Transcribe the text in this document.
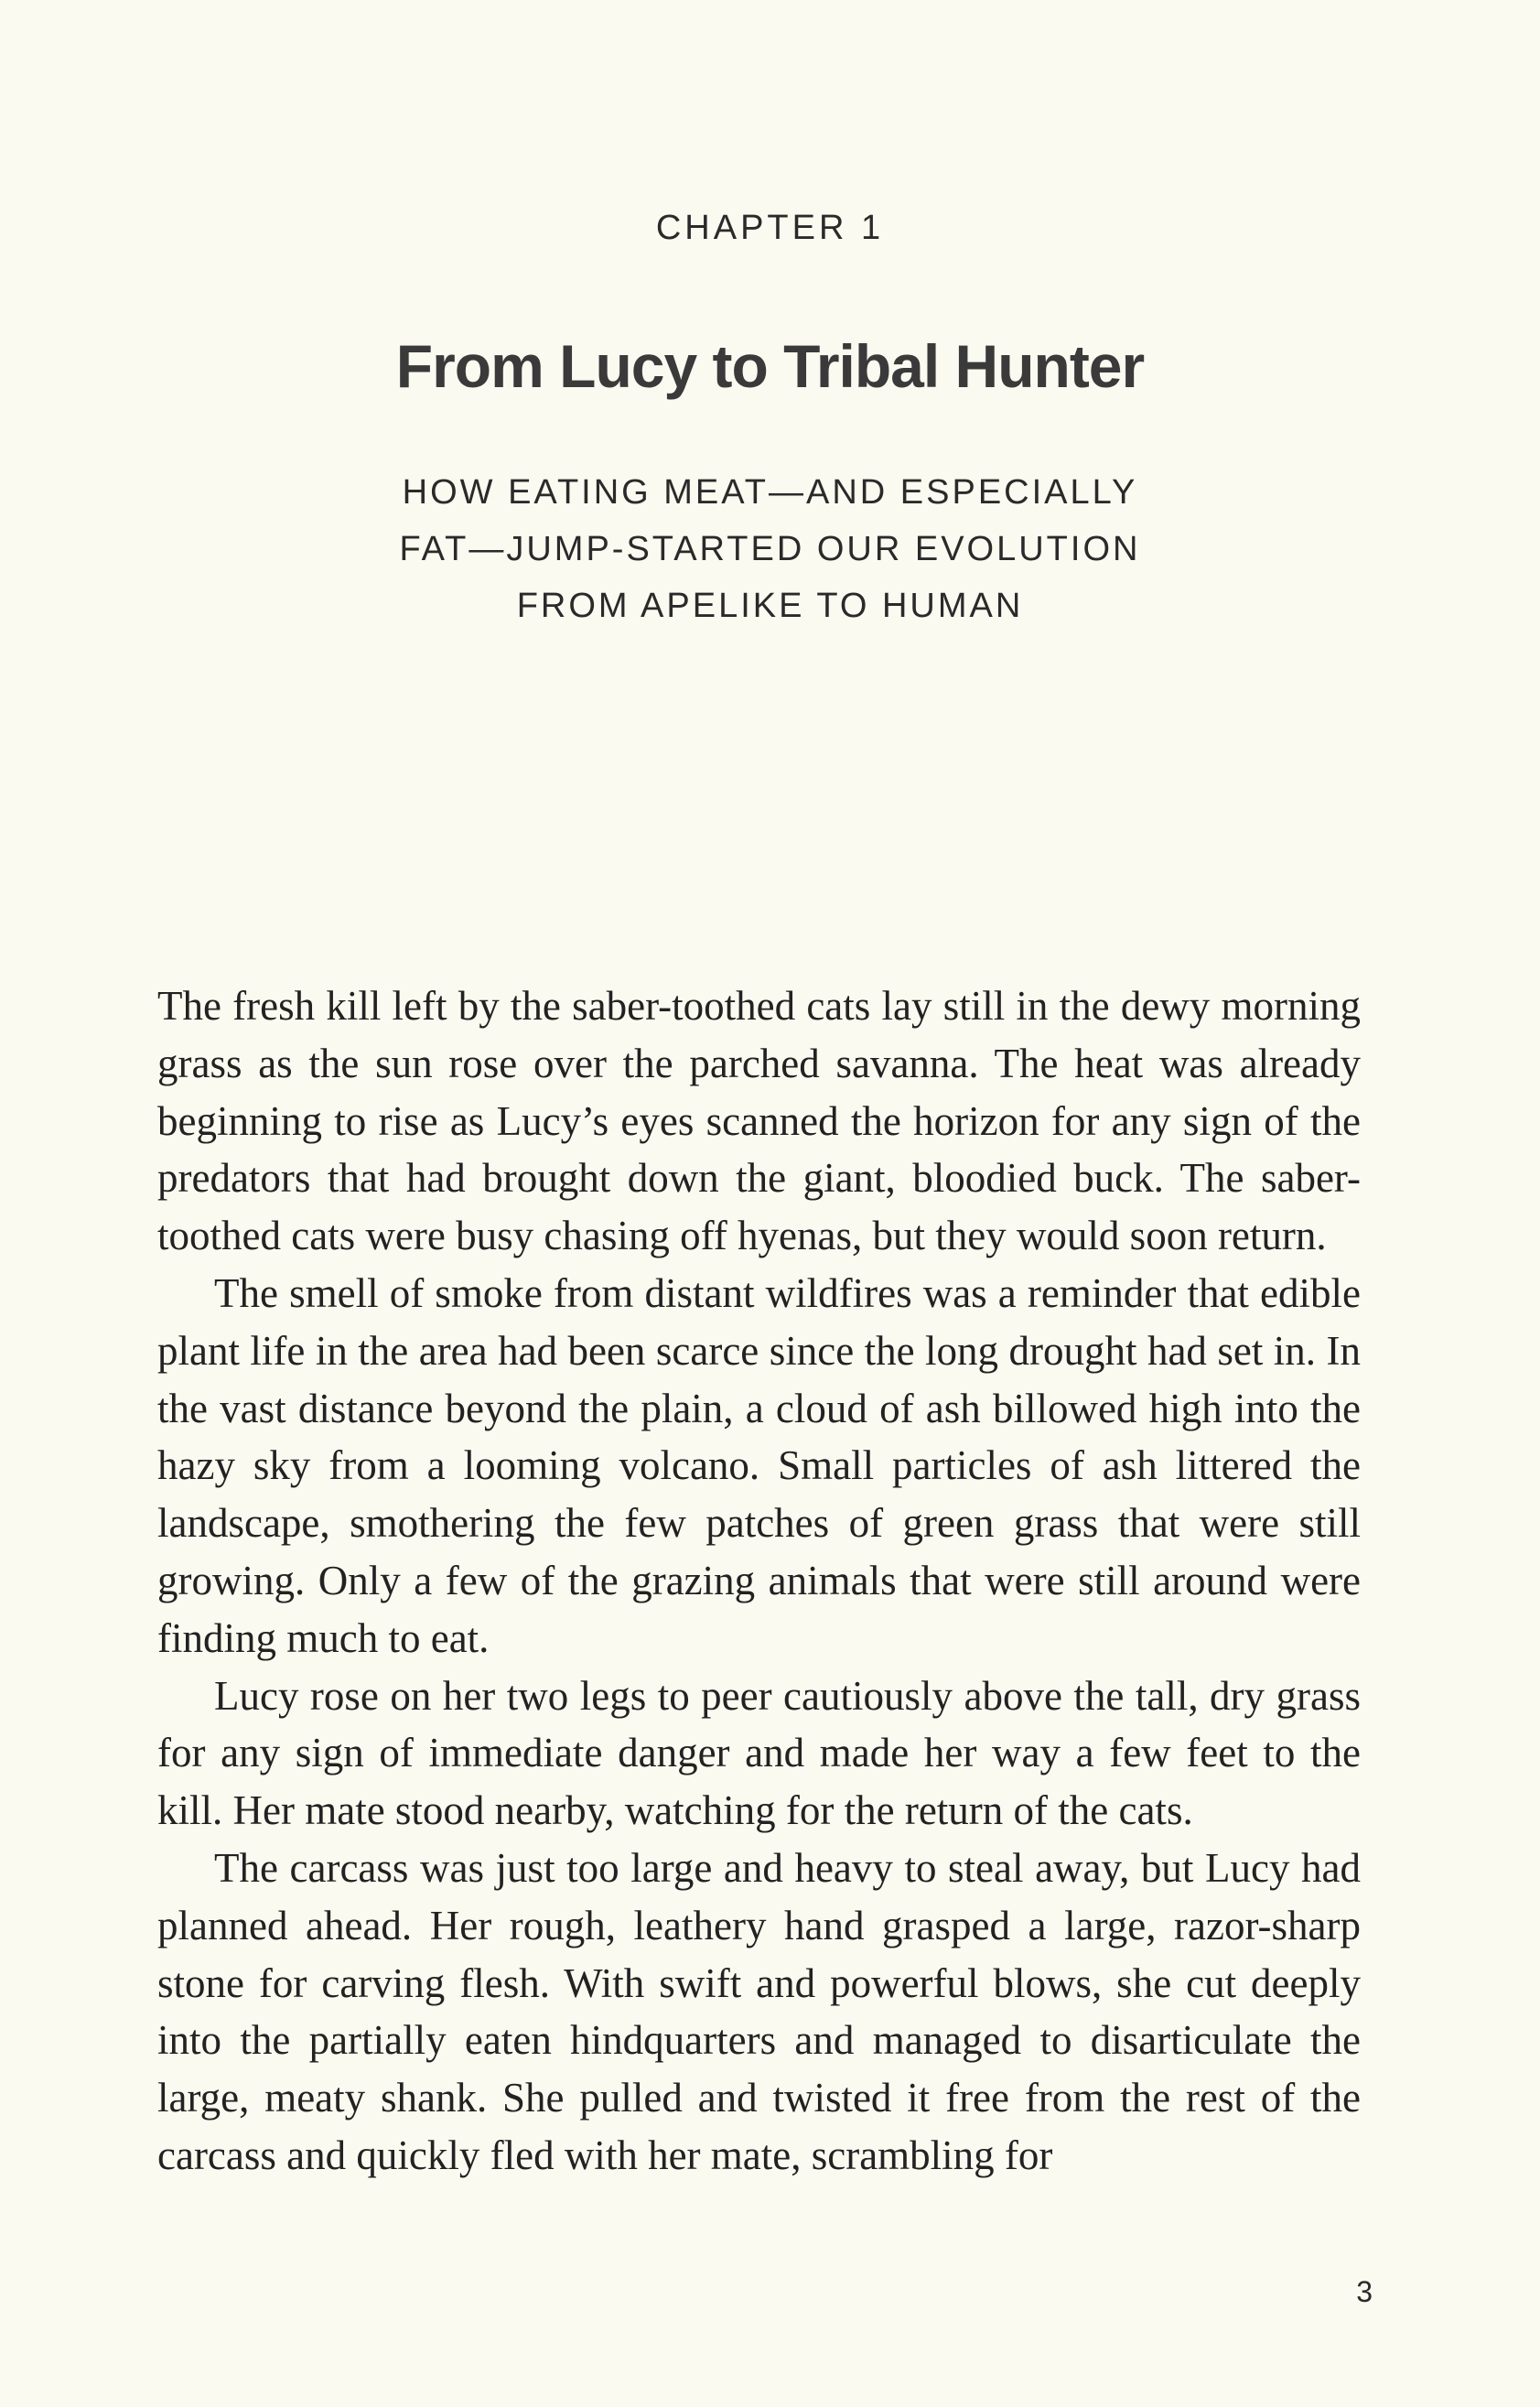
CHAPTER 1
From Lucy to Tribal Hunter
HOW EATING MEAT—AND ESPECIALLY
FAT—JUMP-STARTED OUR EVOLUTION
FROM APELIKE TO HUMAN

The fresh kill left by the saber-toothed cats lay still in the dewy morning grass as the sun rose over the parched savanna. The heat was already beginning to rise as Lucy’s eyes scanned the horizon for any sign of the predators that had brought down the giant, bloodied buck. The saber-toothed cats were busy chasing off hyenas, but they would soon return.

The smell of smoke from distant wildfires was a reminder that edible plant life in the area had been scarce since the long drought had set in. In the vast distance beyond the plain, a cloud of ash billowed high into the hazy sky from a looming volcano. Small particles of ash littered the landscape, smothering the few patches of green grass that were still growing. Only a few of the grazing animals that were still around were finding much to eat.

Lucy rose on her two legs to peer cautiously above the tall, dry grass for any sign of immediate danger and made her way a few feet to the kill. Her mate stood nearby, watching for the return of the cats.

The carcass was just too large and heavy to steal away, but Lucy had planned ahead. Her rough, leathery hand grasped a large, razor-sharp stone for carving flesh. With swift and powerful blows, she cut deeply into the partially eaten hindquarters and managed to disarticulate the large, meaty shank. She pulled and twisted it free from the rest of the carcass and quickly fled with her mate, scrambling for

3
